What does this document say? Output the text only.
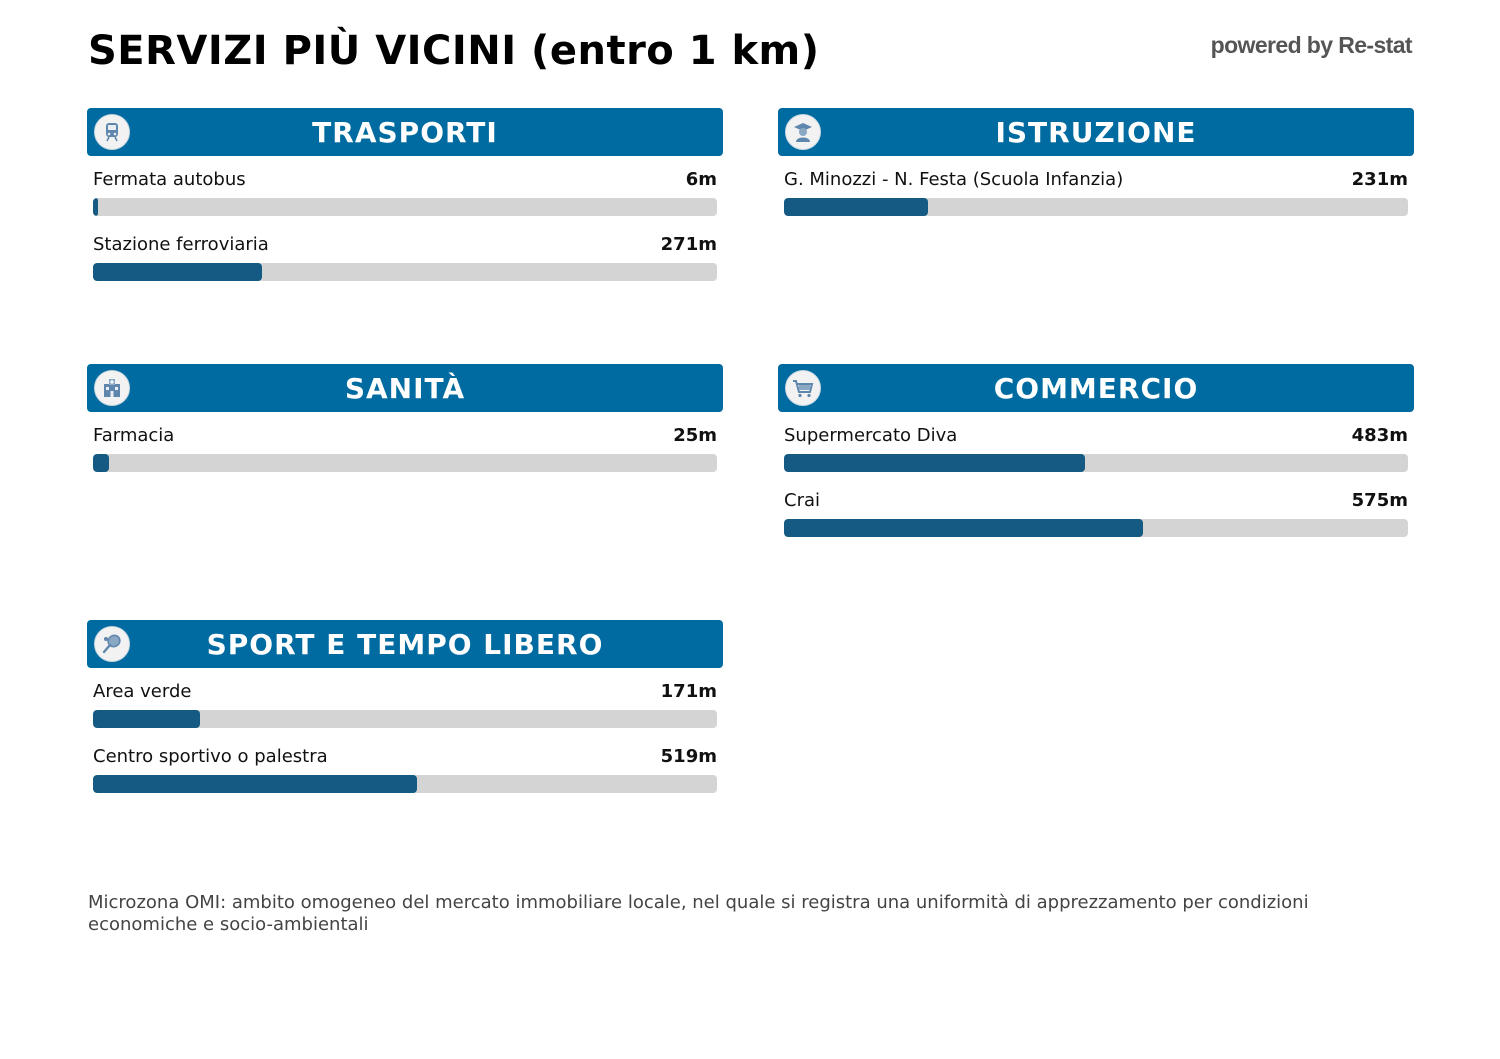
SERVIZI PIÙ VICINI (entro 1 km)	powered by Re-stat
TRASPORTI
Fermata autobus	6m
Stazione ferroviaria	271m
ISTRUZIONE
G. Minozzi - N. Festa (Scuola Infanzia)	231m
SANITÀ
Farmacia	25m
COMMERCIO
Supermercato Diva	483m
Crai	575m
SPORT E TEMPO LIBERO
Area verde	171m
Centro sportivo o palestra	519m
Microzona OMI: ambito omogeneo del mercato immobiliare locale, nel quale si registra una uniformità di apprezzamento per condizioni economiche e socio-ambientali
